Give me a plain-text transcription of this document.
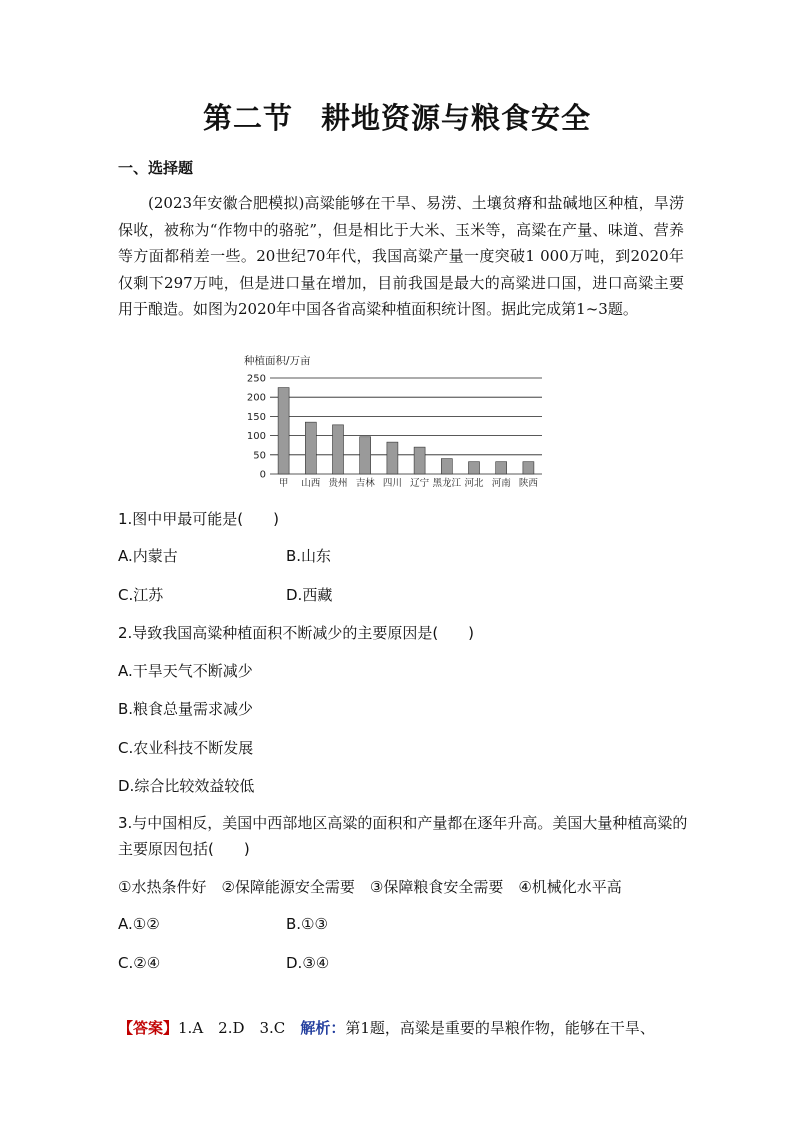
第二节 耕地资源与粮食安全
一、选择题
(2023年安徽合肥模拟)高粱能够在干旱、易涝、土壤贫瘠和盐碱地区种植，旱涝保收，被称为“作物中的骆驼”，但是相比于大米、玉米等，高粱在产量、味道、营养等方面都稍差一些。20世纪70年代，我国高粱产量一度突破1 000万吨，到2020年仅剩下297万吨，但是进口量在增加，目前我国是最大的高粱进口国，进口高粱主要用于酿造。如图为2020年中国各省高粱种植面积统计图。据此完成第1~3题。
种植面积/万亩
0
50
100
150
200
250
甲 山西 贵州 吉林 四川 辽宁 黑龙江 河北 河南 陕西
1.图中甲最可能是(　　)
A.内蒙古	B.山东
C.江苏	D.西藏
2.导致我国高粱种植面积不断减少的主要原因是(　　)
A.干旱天气不断减少
B.粮食总量需求减少
C.农业科技不断发展
D.综合比较效益较低
3.与中国相反，美国中西部地区高粱的面积和产量都在逐年升高。美国大量种植高粱的主要原因包括(　　)
①水热条件好　②保障能源安全需要　③保障粮食安全需要　④机械化水平高
A.①②	B.①③
C.②④	D.③④
【答案】1.A　2.D　3.C　 解析：第1题，高粱是重要的旱粮作物，能够在干旱、
